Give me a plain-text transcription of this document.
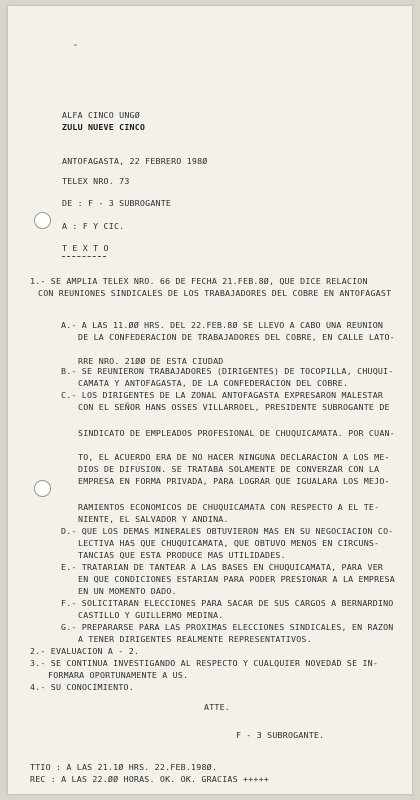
-
ALFA CINCO UNGØ
ZULU NUEVE CINCO
ANTOFAGASTA, 22 FEBRERO 198Ø
TELEX NRO. 73
DE : F - 3 SUBROGANTE
A : F Y CIC.
T E X T O
1.- SE AMPLIA TELEX NRO. 66 DE FECHA 21.FEB.8Ø, QUE DICE RELACION
CON REUNIONES SINDICALES DE LOS TRABAJADORES DEL COBRE EN ANTOFAGAST
A.- A LAS 11.ØØ HRS. DEL 22.FEB.8Ø SE LLEVO A CABO UNA REUNION
DE LA CONFEDERACION DE TRABAJADORES DEL COBRE, EN CALLE LATO-
RRE NRO. 21ØØ DE ESTA CIUDAD
B.- SE REUNIERON TRABAJADORES (DIRIGENTES) DE TOCOPILLA, CHUQUI-
CAMATA Y ANTOFAGASTA, DE LA CONFEDERACION DEL COBRE.
C.- LOS DIRIGENTES DE LA ZONAL ANTOFAGASTA EXPRESARON MALESTAR
CON EL SEÑOR HANS OSSES VILLARROEL, PRESIDENTE SUBROGANTE DE
SINDICATO DE EMPLEADOS PROFESIONAL DE CHUQUICAMATA. POR CUAN-
TO, EL ACUERDO ERA DE NO HACER NINGUNA DECLARACION A LOS ME-
DIOS DE DIFUSION. SE TRATABA SOLAMENTE DE CONVERZAR CON LA
EMPRESA EN FORMA PRIVADA, PARA LOGRAR QUE IGUALARA LOS MEJO-
RAMIENTOS ECONOMICOS DE CHUQUICAMATA CON RESPECTO A EL TE-
NIENTE, EL SALVADOR Y ANDINA.
D.- QUE LOS DEMAS MINERALES OBTUVIERON MAS EN SU NEGOCIACION CO-
LECTIVA HAS QUE CHUQUICAMATA, QUE OBTUVO MENOS EN CIRCUNS-
TANCIAS QUE ESTA PRODUCE MAS UTILIDADES.
E.- TRATARIAN DE TANTEAR A LAS BASES EN CHUQUICAMATA, PARA VER
EN QUE CONDICIONES ESTARIAN PARA PODER PRESIONAR A LA EMPRESA
EN UN MOMENTO DADO.
F.- SOLICITARAN ELECCIONES PARA SACAR DE SUS CARGOS A BERNARDINO
CASTILLO Y GUILLERMO MEDINA.
G.- PREPARARSE PARA LAS PROXIMAS ELECCIONES SINDICALES, EN RAZON
A TENER DIRIGENTES REALMENTE REPRESENTATIVOS.
2.- EVALUACION A - 2.
3.- SE CONTINUA INVESTIGANDO AL RESPECTO Y CUALQUIER NOVEDAD SE IN-
FORMARA OPORTUNAMENTE A US.
4.- SU CONOCIMIENTO.
ATTE.
F - 3 SUBROGANTE.
TTIO : A LAS 21.1Ø HRS. 22.FEB.198Ø.
REC : A LAS 22.ØØ HORAS. OK. OK. GRACIAS +++++
